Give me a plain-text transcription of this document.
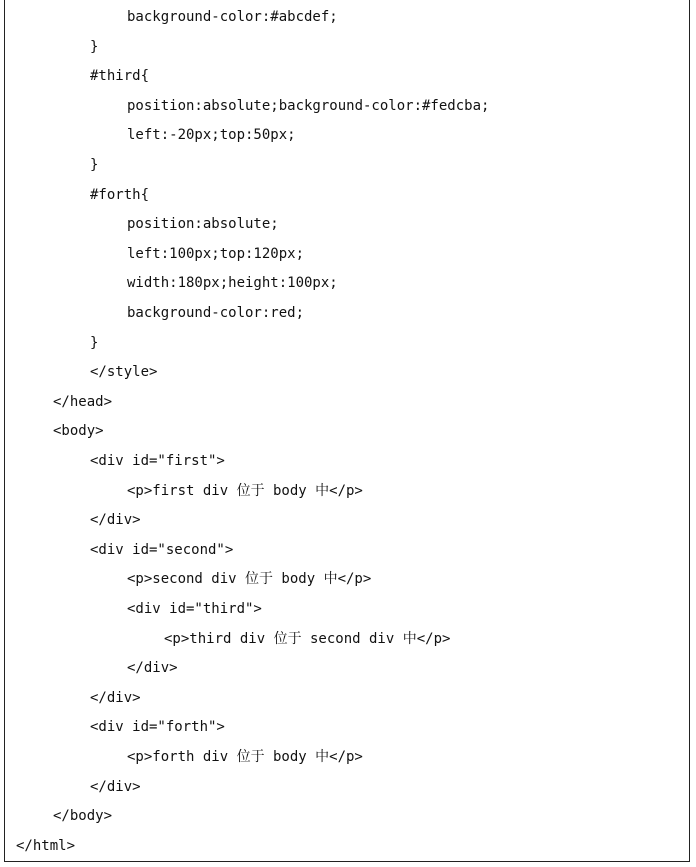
background-color:#abcdef;
}
#third{
position:absolute;background-color:#fedcba;
left:-20px;top:50px;
}
#forth{
position:absolute;
left:100px;top:120px;
width:180px;height:100px;
background-color:red;
}
</style>
</head>
<body>
<div id="first">
<p>first div 位于 body 中</p>
</div>
<div id="second">
<p>second div 位于 body 中</p>
<div id="third">
<p>third div 位于 second div 中</p>
</div>
</div>
<div id="forth">
<p>forth div 位于 body 中</p>
</div>
</body>
</html>
